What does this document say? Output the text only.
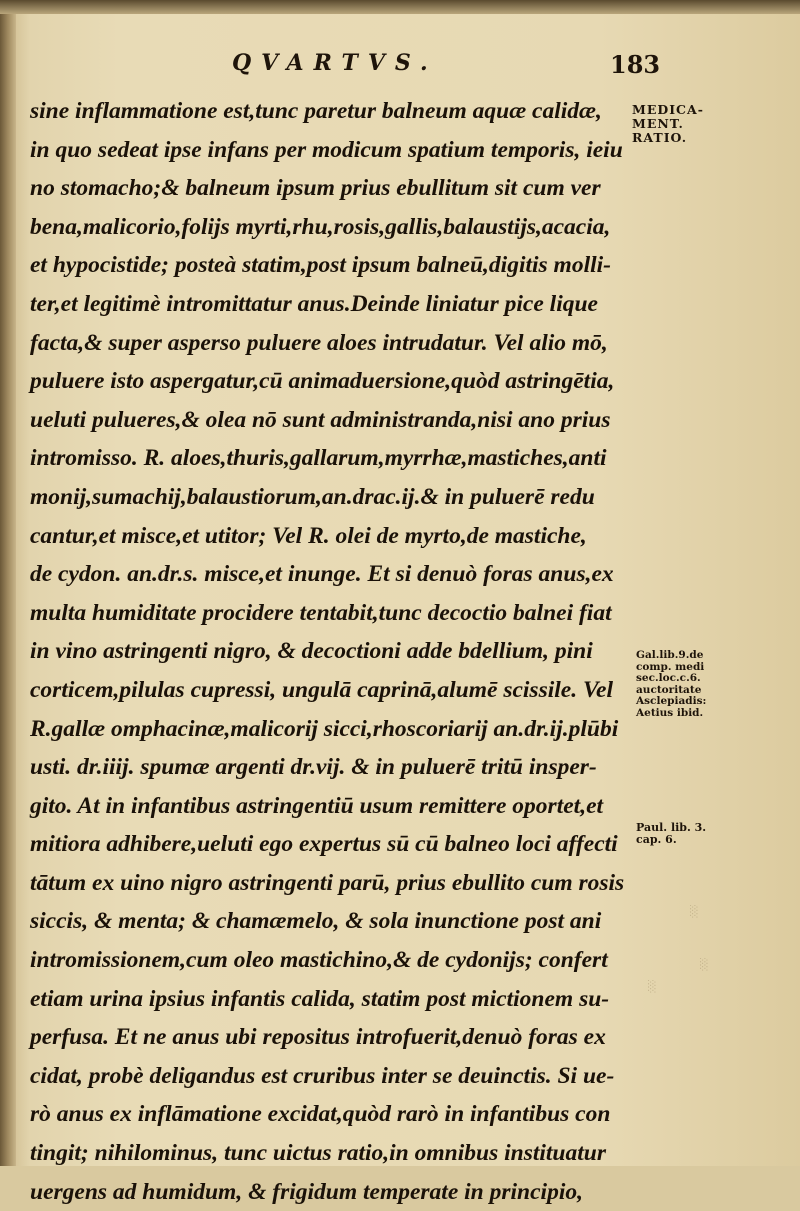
QVARTVS.	183
sine inflammatione est,tunc paretur balneum aquæ calidæ,
in quo sedeat ipse infans per modicum spatium temporis, ieiu
no stomacho;& balneum ipsum prius ebullitum sit cum ver
bena,malicorio,folijs myrti,rhu,rosis,gallis,balaustijs,acacia,
et hypocistide; posteà statim,post ipsum balneū,digitis molli-
ter,et legitimè intromittatur anus.Deinde liniatur pice lique
facta,& super asperso puluere aloes intrudatur. Vel alio mō,
puluere isto aspergatur,cū animaduersione,quòd astringētia,
ueluti pulueres,& olea nō sunt administranda,nisi ano prius
intromisso. R. aloes,thuris,gallarum,myrrhæ,mastiches,anti
monij,sumachij,balaustiorum,an.drac.ij.& in puluerē redu
cantur,et misce,et utitor; Vel R. olei de myrto,de mastiche,
de cydon. an.dr.s. misce,et inunge. Et si denuò foras anus,ex
multa humiditate procidere tentabit,tunc decoctio balnei fiat
in vino astringenti nigro, & decoctioni adde bdellium, pini
corticem,pilulas cupressi, ungulā caprinā,alumē scissile. Vel
R.gallæ omphacinæ,malicorij sicci,rhoscoriarij an.dr.ij.plūbi
usti. dr.iiij. spumæ argenti dr.vij. & in puluerē tritū insper-
gito. At in infantibus astringentiū usum remittere oportet,et
mitiora adhibere,ueluti ego expertus sū cū balneo loci affecti
tātum ex uino nigro astringenti parū, prius ebullito cum rosis
siccis, & menta; & chamæmelo, & sola inunctione post ani
intromissionem,cum oleo mastichino,& de cydonijs; confert
etiam urina ipsius infantis calida, statim post mictionem su-
perfusa. Et ne anus ubi repositus introfuerit,denuò foras ex
cidat, probè deligandus est cruribus inter se deuinctis. Si ue-
rò anus ex inflāmatione excidat,quòd rarò in infantibus con
tingit; nihilominus, tunc uictus ratio,in omnibus instituatur
uergens ad humidum, & frigidum temperate in principio,
MEDICA-
MENT.
RATIO.
Gal.lib.9.de
comp. medi
sec.loc.c.6.
auctoritate
Asclepiadis:
Aetius ibid.
Paul. lib. 3.
cap. 6.
░
░
░
